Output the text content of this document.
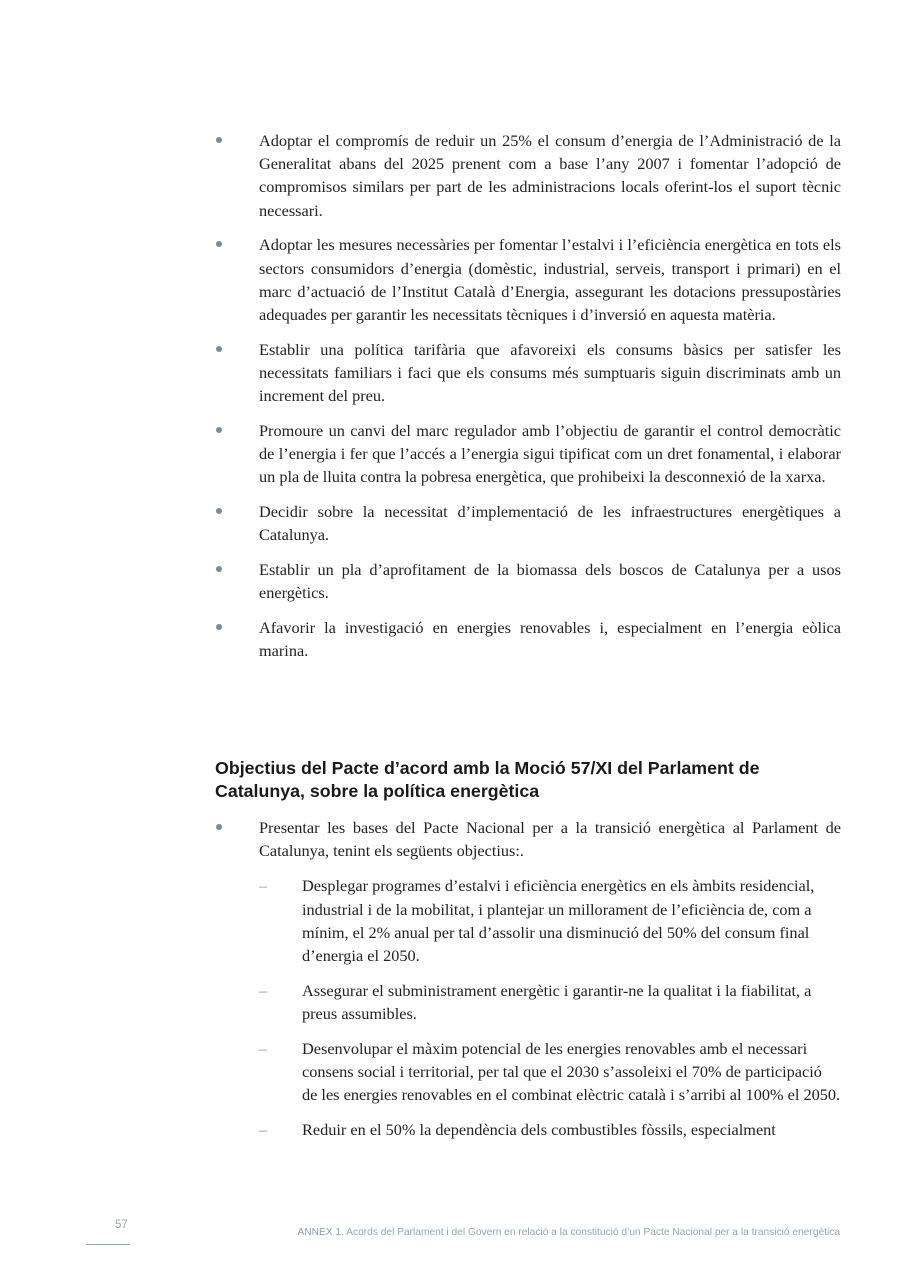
Adoptar el compromís de reduir un 25% el consum d’energia de l’Administració de la Generalitat abans del 2025 prenent com a base l’any 2007 i fomentar l’adopció de compromisos similars per part de les administracions locals oferint-los el suport tècnic necessari.
Adoptar les mesures necessàries per fomentar l’estalvi i l’eficiència energètica en tots els sectors consumidors d’energia (domèstic, industrial, serveis, transport i primari) en el marc d’actuació de l’Institut Català d’Energia, assegurant les dotacions pressupostàries adequades per garantir les necessitats tècniques i d’inversió en aquesta matèria.
Establir una política tarifària que afavoreixi els consums bàsics per satisfer les necessitats familiars i faci que els consums més sumptuaris siguin discriminats amb un increment del preu.
Promoure un canvi del marc regulador amb l’objectiu de garantir el control democràtic de l’energia i fer que l’accés a l’energia sigui tipificat com un dret fonamental, i elaborar un pla de lluita contra la pobresa energètica, que prohibeixi la desconnexió de la xarxa.
Decidir sobre la necessitat d’implementació de les infraestructures energètiques a Catalunya.
Establir un pla d’aprofitament de la biomassa dels boscos de Catalunya per a usos energètics.
Afavorir la investigació en energies renovables i, especialment en l’energia eòlica marina.
Objectius del Pacte d’acord amb la Moció 57/XI del Parlament de Catalunya, sobre la política energètica
Presentar les bases del Pacte Nacional per a la transició energètica al Parlament de Catalunya, tenint els següents objectius:.
– Desplegar programes d’estalvi i eficiència energètics en els àmbits residencial, industrial i de la mobilitat, i plantejar un millorament de l’eficiència de, com a mínim, el 2% anual per tal d’assolir una disminució del 50% del consum final d’energia el 2050.
– Assegurar el subministrament energètic i garantir-ne la qualitat i la fiabilitat, a preus assumibles.
– Desenvolupar el màxim potencial de les energies renovables amb el necessari consens social i territorial, per tal que el 2030 s’assoleixi el 70% de participació de les energies renovables en el combinat elèctric català i s’arribi al 100% el 2050.
– Reduir en el 50% la dependència dels combustibles fòssils, especialment
57
ANNEX 1. Acords del Parlament i del Govern en relació a la constitució d’un Pacte Nacional per a la transició energètica
